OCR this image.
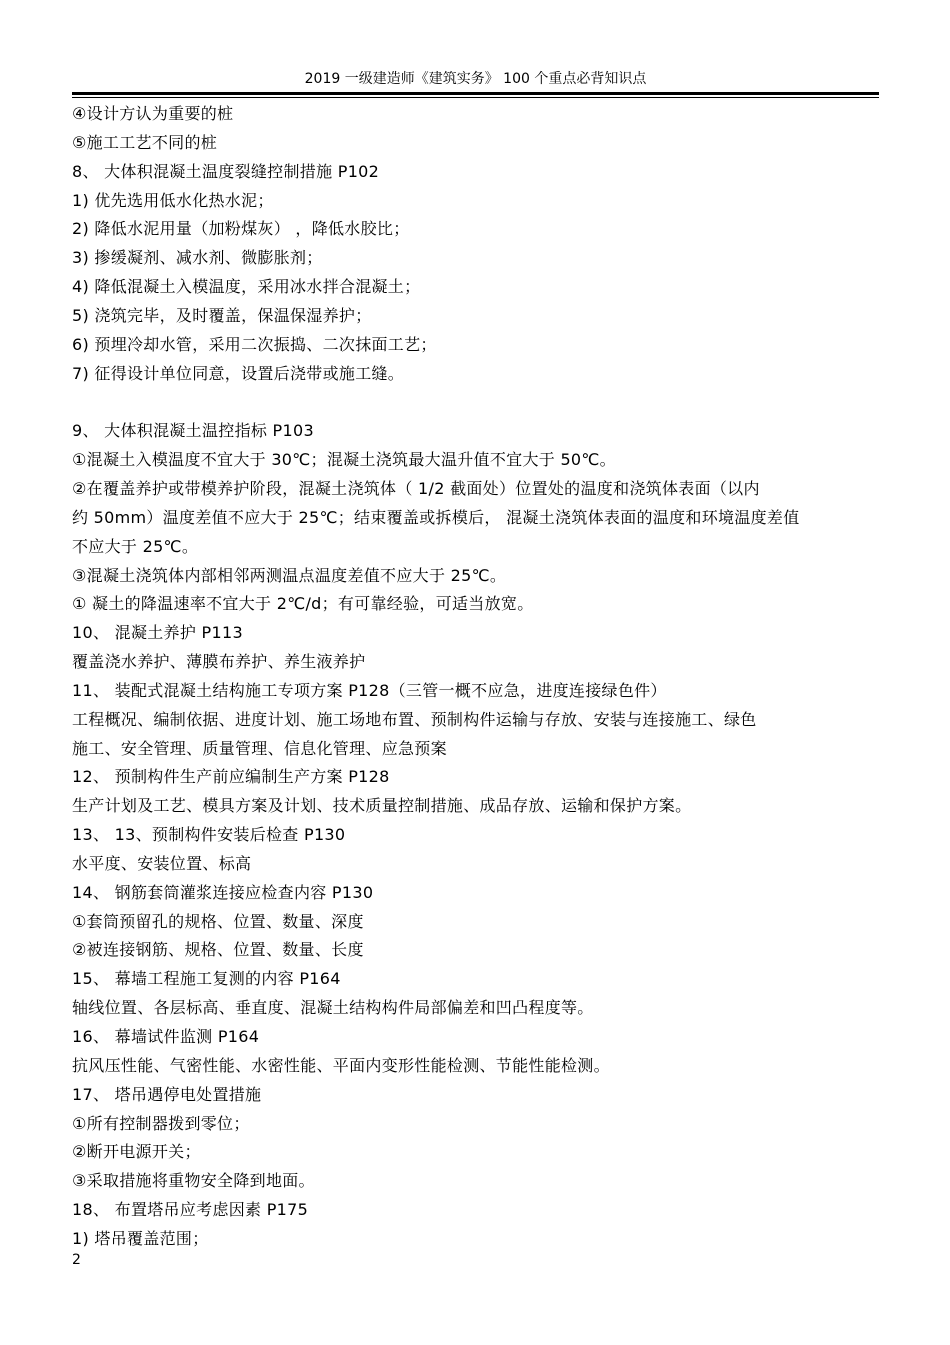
2019 一级建造师《建筑实务》 100 个重点必背知识点
④设计方认为重要的桩
⑤施工工艺不同的桩
8、 大体积混凝土温度裂缝控制措施 P102
1) 优先选用低水化热水泥；
2) 降低水泥用量（加粉煤灰） ，降低水胶比；
3) 掺缓凝剂、减水剂、微膨胀剂；
4) 降低混凝土入模温度，采用冰水拌合混凝土；
5) 浇筑完毕，及时覆盖，保温保湿养护；
6) 预埋冷却水管，采用二次振捣、二次抹面工艺；
7) 征得设计单位同意，设置后浇带或施工缝。
9、 大体积混凝土温控指标 P103
①混凝土入模温度不宜大于 30℃；混凝土浇筑最大温升值不宜大于 50℃。
②在覆盖养护或带模养护阶段，混凝土浇筑体（ 1/2 截面处）位置处的温度和浇筑体表面（以内
约 50mm）温度差值不应大于 25℃；结束覆盖或拆模后， 混凝土浇筑体表面的温度和环境温度差值
不应大于 25℃。
③混凝土浇筑体内部相邻两测温点温度差值不应大于 25℃。
① 凝土的降温速率不宜大于 2℃/d；有可靠经验，可适当放宽。
10、 混凝土养护 P113
覆盖浇水养护、薄膜布养护、养生液养护
11、 装配式混凝土结构施工专项方案 P128（三管一概不应急，进度连接绿色件）
工程概况、编制依据、进度计划、施工场地布置、预制构件运输与存放、安装与连接施工、绿色
施工、安全管理、质量管理、信息化管理、应急预案
12、 预制构件生产前应编制生产方案 P128
生产计划及工艺、模具方案及计划、技术质量控制措施、成品存放、运输和保护方案。
13、 13、预制构件安装后检查 P130
水平度、安装位置、标高
14、 钢筋套筒灌浆连接应检查内容 P130
①套筒预留孔的规格、位置、数量、深度
②被连接钢筋、规格、位置、数量、长度
15、 幕墙工程施工复测的内容 P164
轴线位置、各层标高、垂直度、混凝土结构构件局部偏差和凹凸程度等。
16、 幕墙试件监测 P164
抗风压性能、气密性能、水密性能、平面内变形性能检测、节能性能检测。
17、 塔吊遇停电处置措施
①所有控制器拨到零位；
②断开电源开关；
③采取措施将重物安全降到地面。
18、 布置塔吊应考虑因素 P175
1) 塔吊覆盖范围；
2
